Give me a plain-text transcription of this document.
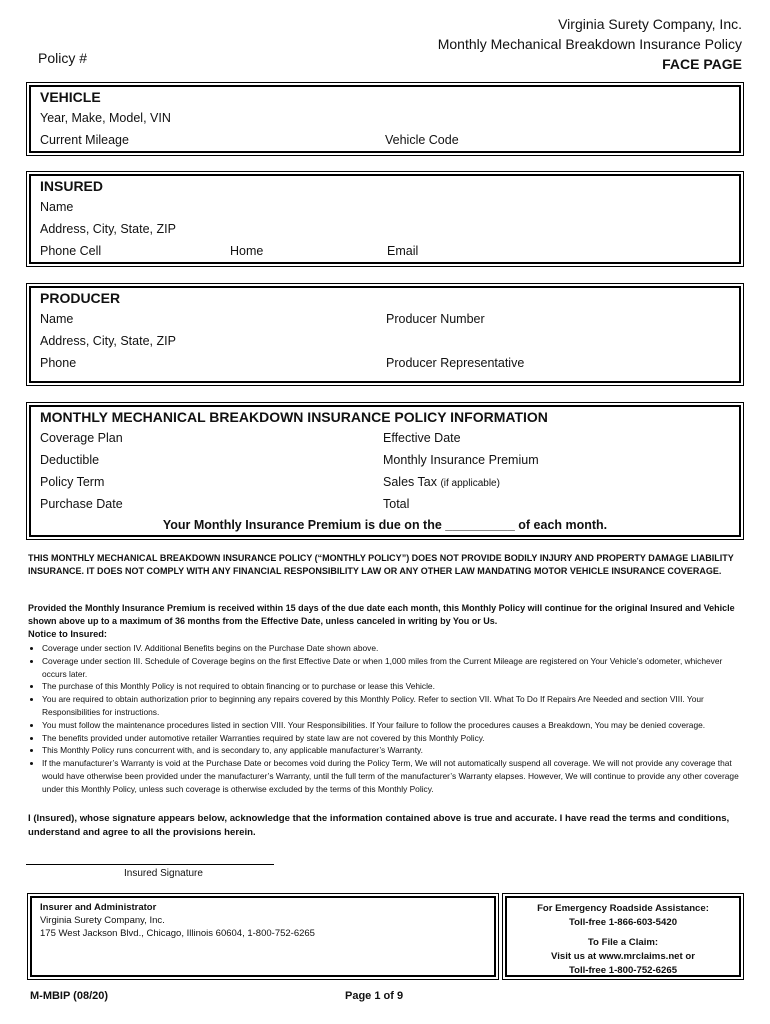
Virginia Surety Company, Inc.
Monthly Mechanical Breakdown Insurance Policy
FACE PAGE
Policy #
VEHICLE
Year, Make, Model, VIN
Current Mileage	Vehicle Code
INSURED
Name
Address, City, State, ZIP
Phone Cell	Home	Email
PRODUCER
Name	Producer Number
Address, City, State, ZIP
Phone	Producer Representative
MONTHLY MECHANICAL BREAKDOWN INSURANCE POLICY INFORMATION
Coverage Plan	Effective Date
Deductible	Monthly Insurance Premium
Policy Term	Sales Tax (if applicable)
Purchase Date	Total
Your Monthly Insurance Premium is due on the __________ of each month.
THIS MONTHLY MECHANICAL BREAKDOWN INSURANCE POLICY (“MONTHLY POLICY”) DOES NOT PROVIDE BODILY INJURY AND PROPERTY DAMAGE LIABILITY INSURANCE. IT DOES NOT COMPLY WITH ANY FINANCIAL RESPONSIBILITY LAW OR ANY OTHER LAW MANDATING MOTOR VEHICLE INSURANCE COVERAGE.
Provided the Monthly Insurance Premium is received within 15 days of the due date each month, this Monthly Policy will continue for the original Insured and Vehicle shown above up to a maximum of 36 months from the Effective Date, unless canceled in writing by You or Us.
Notice to Insured:
• Coverage under section IV. Additional Benefits begins on the Purchase Date shown above.
• Coverage under section III. Schedule of Coverage begins on the first Effective Date or when 1,000 miles from the Current Mileage are registered on Your Vehicle’s odometer, whichever occurs later.
• The purchase of this Monthly Policy is not required to obtain financing or to purchase or lease this Vehicle.
• You are required to obtain authorization prior to beginning any repairs covered by this Monthly Policy. Refer to section VII. What To Do If Repairs Are Needed and section VIII. Your Responsibilities for instructions.
• You must follow the maintenance procedures listed in section VIII. Your Responsibilities. If Your failure to follow the procedures causes a Breakdown, You may be denied coverage.
• The benefits provided under automotive retailer Warranties required by state law are not covered by this Monthly Policy.
• This Monthly Policy runs concurrent with, and is secondary to, any applicable manufacturer’s Warranty.
• If the manufacturer’s Warranty is void at the Purchase Date or becomes void during the Policy Term, We will not automatically suspend all coverage. We will not provide any coverage that would have otherwise been provided under the manufacturer’s Warranty, until the full term of the manufacturer’s Warranty elapses. However, We will continue to provide any other coverage under this Monthly Policy, unless such coverage is otherwise excluded by the terms of this Monthly Policy.
I (Insured), whose signature appears below, acknowledge that the information contained above is true and accurate. I have read the terms and conditions, understand and agree to all the provisions herein.
Insured Signature
Insurer and Administrator
Virginia Surety Company, Inc.
175 West Jackson Blvd., Chicago, Illinois 60604, 1-800-752-6265
For Emergency Roadside Assistance:
Toll-free 1-866-603-5420
To File a Claim:
Visit us at www.mrclaims.net or
Toll-free 1-800-752-6265
M-MBIP (08/20)	Page 1 of 9
